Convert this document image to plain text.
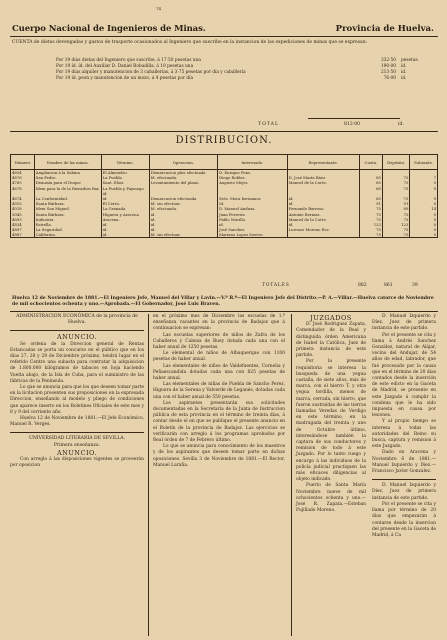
74
Cuerpo Nacional de Ingenieros de Minas.	Provincia de Huelva.
CUENTA de dietas devengadas y gastos de trasporte ocasionados al Ingeniero que suscribe en la instancion de las expediciones de minas que se expresan:
Por 19 días dietas del Ingeniero que suscribe, á 17·50 pesetas una	332·50 pesetas.
Por 19 íd. íd. del Auxiliar D. Daniel Bobadilla, á 10 pesetas una	190·00 íd.
Por 19 días alquiler y manutencion de 3 caballerías, á 3·75 pesetas por día y caballería	213·50 íd.
Por 19 íd. peon y manutencion de un mozo, á 4 pesetas por día	76·00 íd.
TOTAL	812·00	íd.
DISTRIBUCION.
Número	Nombre de las minas.	Término.	Operacion.	Interesado.	Representante.	Cuota.	Depósito.	Sobrante.
4654	Ampliacion á la Sabina	El Almendro.	Demarcacion plus efectuada	D. Enrique Pons.				
4676	San Pedro.	La Puebla	Id. efectuada.	Diego Robles.	D. José María Báez	85	75	7
4765	Demasía para el Duque	Sant. Eloiz	Levantamiento del plano.	Augusto Mejer.	Manuel de la Corte.	65	75	0
4678	Idem para la de la Remedios Bar.	La Puebla y Paymogo				60	75	9
		id.						
4674	La Conformidad.	id.	Demarcacion efectuada	Srés. Mora hermanos	id.	65	75	9
4915	Santa Bárbara.	El Cerro.	Id. sin efectuar.	Id.	id.	91	91	0
4918	Idem San Miguel.	La Granada.	Id. efectuada.	D. Manuel Anduza.	Fernando Barroso.	75	89	14
5045	Santa Bárbara.	Higuera y Aracena	id.	Juan Ferreira	Antonio Bermas.	75	75	0
4893	Industria.	Aracena.	id.	Pablo Murillo.	Manuel de la Corte.	75	75	0
4834	Estrella.	id.	id.	id.	id.	123	123	0
4897	La Seguridad.	id.	id.	José Sanchez	Lorenzo Moreno Roc.	75	75	0
4887	California.	id.	Id. sin efectuar.	Mariano Lopez Soerve.		75	75	0
TOTALES	882	861	39
Huelva 12 de Noviembre de 1881.—El Ingeniero Jefe, Manuel del Villar y Lavin.—V.º B.º—El Ingeniero Jefe del Distrito.—P. A.—Villar.—Huelva catorce de Noviembre de mil ochocientos ochenta y uno.—Aprobada.—El Gobernador, José Luis Braven.

ADMINISTRACION ECONÓMICA de la provincia de Huelva.

ANUNCIO.

Se ordena de la Direccion general de Rentas Estancadas se porta un concurso en el público que en los días 27, 28 y 29 de Diciembre próximo, tendrá lugar en el referido Centro una subasta para contratar la adquisicion de 1.800.000 kilógramos de tabacos en hoja haciendo Vuelta abajo, de la Isla de Cuba, para el suministro de las fábricas de la Península.

Lo que se anuncia para que los que deseen tomar parte en la licitacion presenten sus proposiciones en la expresada Direccion, enseñando al modelo y pliego de condiciones que aparece inserto en los Boletines Oficiales de este mes y 8 y 9 del corriente año.

Huelva 12 de Noviembre de 1881.—El Jefe Económico, Manuel R. Verges.

UNIVERSIDAD LITERARIA DE SEVILLA.

Primera enseñanza.

ANUNCIO.

Con arreglo á las disposiciones vigentes se proveerán por oposicion

en el próximo mes de Diciembre las escuelas de 1.ª enseñanza vacantes en la provincia de Badajoz que á continuacion se expresan:

Las escuelas superiores de niños de Zafra de los Caballeros y Cabeza de Buey dotada cada una con el haber anual de 1250 pesetas.

Le elemental de niños de Albuquerque con 1100 pesetas de haber anual.

Las elementales de niños de Valdefuentes, Cornelia y Peñaescandida dotadas cada una con 825 pesetas de haber anual.

Las elementales de niñas de Puebla de Sancho Perez, Higuera de la Serena y Valverde de Leganés, dotadas cada una con el haber anual de 550 pesetas.

Los aspirantes presentarán sus solicitudes documentadas en la Secretaría de la Junta de Instruccion pública de esta provincia en el término de treinta días, á contar desde el en que se publique el presente anuncio en el Boletín de la provincia de Badajoz. Las ejercicios se verificarán con arreglo á los programas aprobados por Real órden de 7 de Febrero último.

Lo que se anuncia para conocimiento de los maestros y de los aspirantes que deseen tomar parte en dichas oposiciones. Sevilla 3 de Noviembre de 1881.—El Rector, Manuel Laraña.

JUZGADOS

D. José Rodriguez Zapata, Comendador de la Real y distinguida órden Americana de Isabel la Católica, Juez de primera instancia de este partido.

Por la presente requisitoria se interesa la busqueda de una yegua castaña, de siete años, más de marca, con el hierro T, y otra yegua tordilla, menos de marca, cerrada, sin hierro, que fueron sustraídas de las tierras llamadas Veredas de Verdigo en este término, en la madrugada del treinta y uno de Octubre último, interesándose también la captura de sus conductores y remision de todo á este Juzgado. Por lo tanto ruego y encargo á las individuos de la policía judicial practiquen las más eficaces diligencias al objeto indicado.

Puerto de Santa María Noviembre nueve de mil ochocientos ochenta y uno.—José R. Zapata.—Esteban Pujillado Moreno.

D. Manuel Izquierdo y Díez, Juez de primera instancia de este partido.

Por el presente se cita y llama á Andrés Sanchez González, natural de Alájar, vecino del Andujar, de 54 años de edad, labrador, que fué procesado por la causa que en el término de 20 días contados desde la inserción de este edicto en la Gaceta de Madrid, se presente en este Juzgado á cumplir la condena que le ha sido impuesta en causa por lesiones.

Y al propio tiempo se interesa á todas las autoridades del Reino su busca, captura y remision á este Juzgado.

Dado en Aracena y Noviembre 6 de 1881.—Manuel Izquierdo y Díez.—Francisco Javier Gonzalez.

D. Manuel Izquierdo y Díez, Juez de primera instancia de este partido.

Por el presente se cita y llama por término de 20 días que empezarán á contarse desde la insercion del presente en la Gaceta de Madrid, á Ca
